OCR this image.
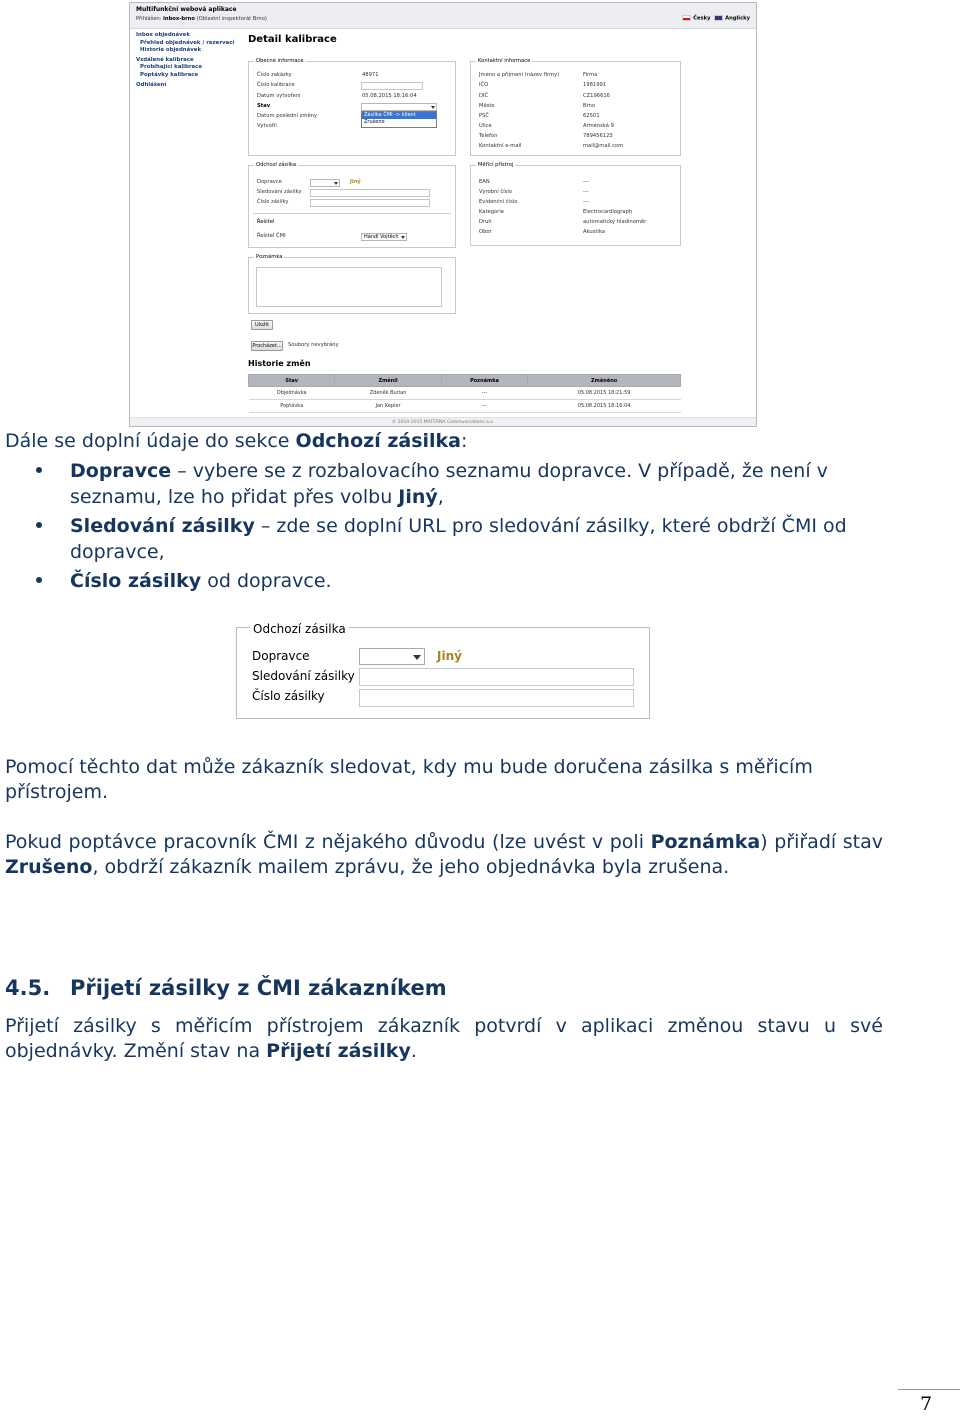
Multifunkční webová aplikace
Přihlášen: inbox-brno (Oblastní inspektorát Brno)	Česky	Anglicky
Inbox objednávek
Přehled objednávek / rezervací
Historie objednávek
Vzdálené kalibrace
Probíhající kalibrace
Poptávky kalibrace
Odhlášení
Detail kalibrace
Obecné informace
Číslo zakázky	48971
Číslo kalibrace
Datum vytvoření	05.08.2015 18:16:04
Stav
Zásilka ČMI -> klient
Zrušeno
Datum poslední změny
Vytvořil
Kontaktní informace
Jméno a příjmení (název firmy)	Firma
IČO	1981991
DIČ	CZ196616
Město	Brno
PSČ	62501
Ulice	Arménská 9
Telefon	789456123
Kontaktní e-mail	mail@mail.com
Odchozí zásilka
Dopravce	Jiný
Sledování zásilky
Číslo zásilky
Řešitel
Řešitel ČMI	Hándl Vojtěch
Měřicí přístroj
EAN	---
Výrobní číslo	---
Evidenční číslo	---
Kategorie	Electrocardiograph
Druh	automatický hladinoměr
Obor	Akustika
Poznámka
Uložit
Procházet... Soubory nevybrány
Historie změn
Stav	Změnil	Poznámka	Změněno
Objednávka	Zdeněk Burian	---	05.08.2015 18:21:59
Poptávka	Jan Kepler	---	05.08.2015 18:16:04
© 2010-2015 MATERNA Communications a.s.
Dále se doplní údaje do sekce Odchozí zásilka:
Dopravce – vybere se z rozbalovacího seznamu dopravce. V případě, že není v seznamu, lze ho přidat přes volbu Jiný,
Sledování zásilky – zde se doplní URL pro sledování zásilky, které obdrží ČMI od dopravce,
Číslo zásilky od dopravce.
Odchozí zásilka
Dopravce	Jiný
Sledování zásilky
Číslo zásilky
Pomocí těchto dat může zákazník sledovat, kdy mu bude doručena zásilka s měřicím přístrojem.
Pokud poptávce pracovník ČMI z nějakého důvodu (lze uvést v poli Poznámka) přiřadí stav Zrušeno, obdrží zákazník mailem zprávu, že jeho objednávka byla zrušena.
4.5. Přijetí zásilky z ČMI zákazníkem
Přijetí zásilky s měřicím přístrojem zákazník potvrdí v aplikaci změnou stavu u své objednávky. Změní stav na Přijetí zásilky.
7
